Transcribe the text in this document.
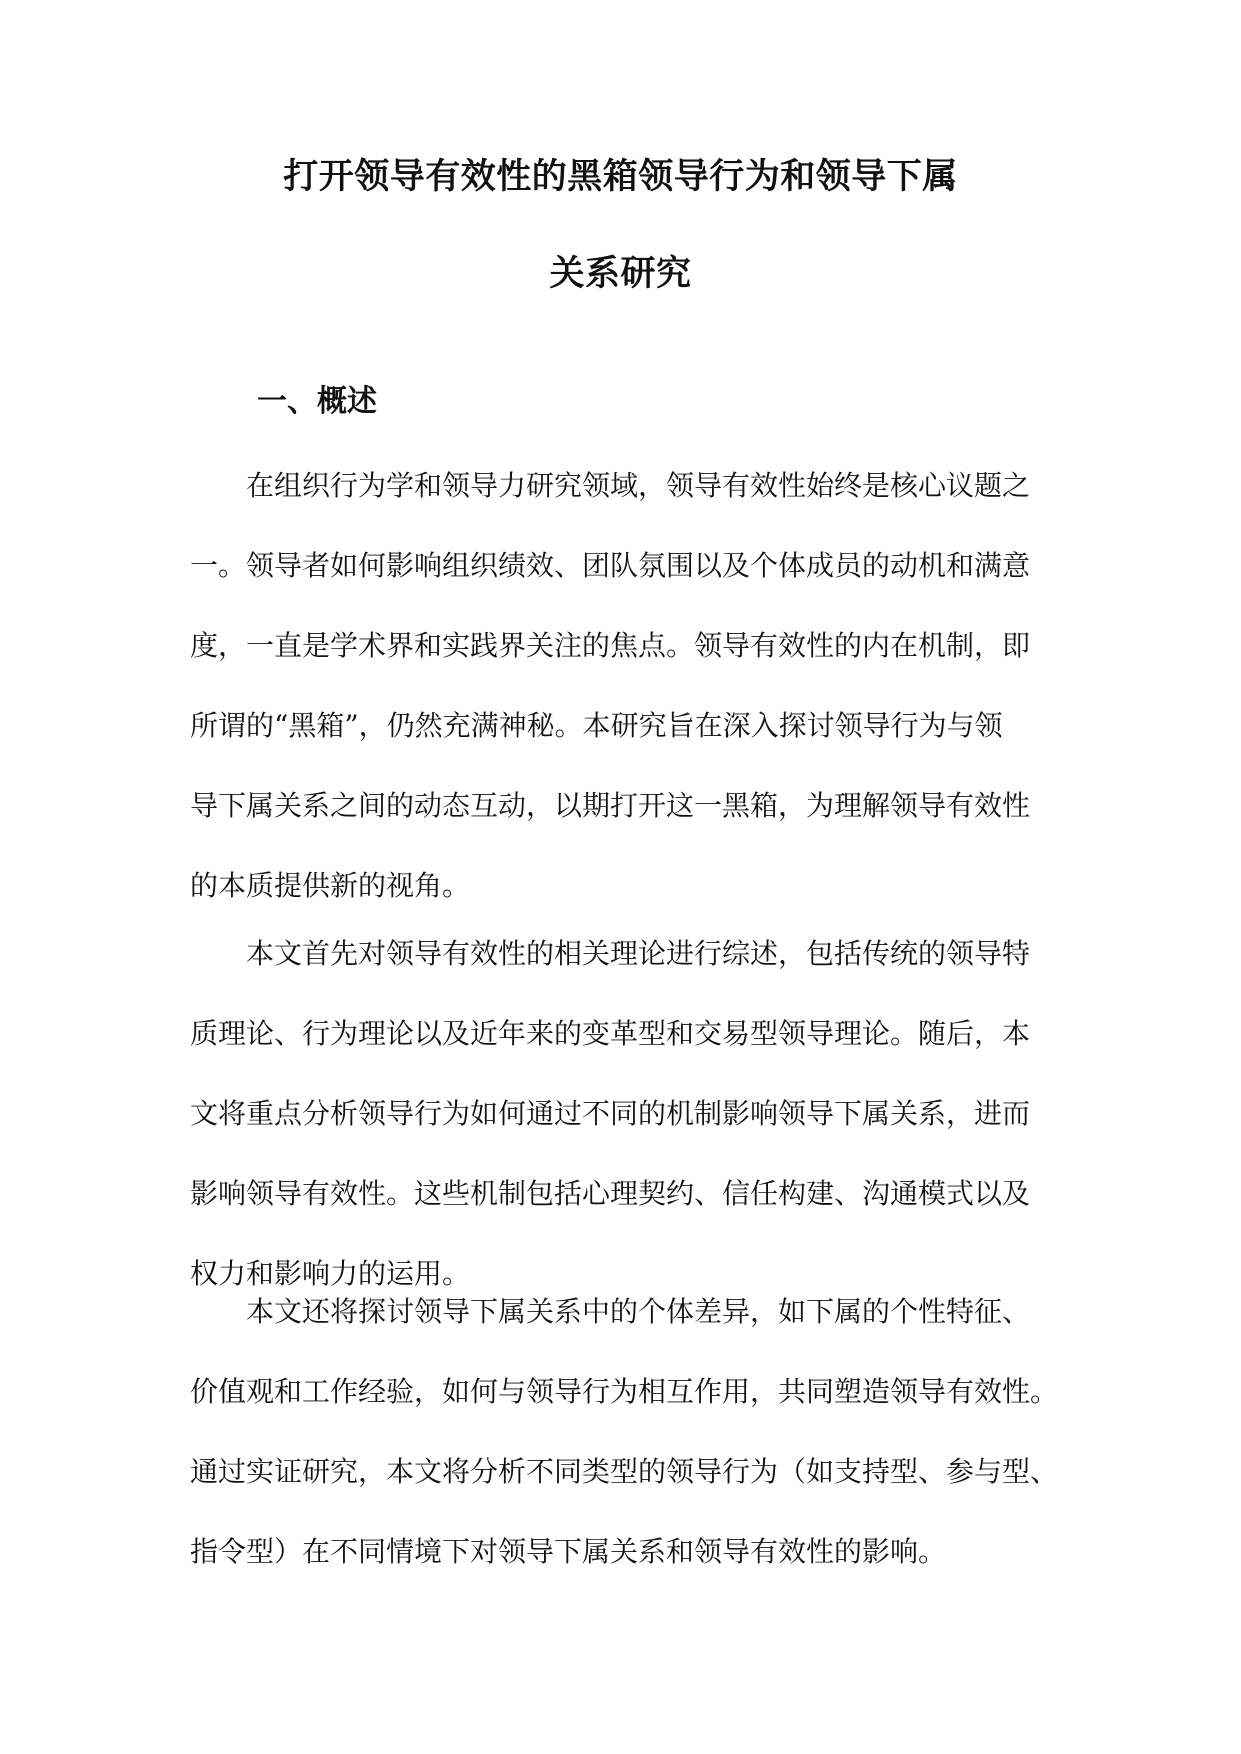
打开领导有效性的黑箱领导行为和领导下属
关系研究
一、概述
在组织行为学和领导力研究领域，领导有效性始终是核心议题之
一。领导者如何影响组织绩效、团队氛围以及个体成员的动机和满意
度，一直是学术界和实践界关注的焦点。领导有效性的内在机制，即
所谓的“黑箱”，仍然充满神秘。本研究旨在深入探讨领导行为与领
导下属关系之间的动态互动，以期打开这一黑箱，为理解领导有效性
的本质提供新的视角。
本文首先对领导有效性的相关理论进行综述，包括传统的领导特
质理论、行为理论以及近年来的变革型和交易型领导理论。随后，本
文将重点分析领导行为如何通过不同的机制影响领导下属关系，进而
影响领导有效性。这些机制包括心理契约、信任构建、沟通模式以及
权力和影响力的运用。
本文还将探讨领导下属关系中的个体差异，如下属的个性特征、
价值观和工作经验，如何与领导行为相互作用，共同塑造领导有效性。
通过实证研究，本文将分析不同类型的领导行为（如支持型、参与型、
指令型）在不同情境下对领导下属关系和领导有效性的影响。
